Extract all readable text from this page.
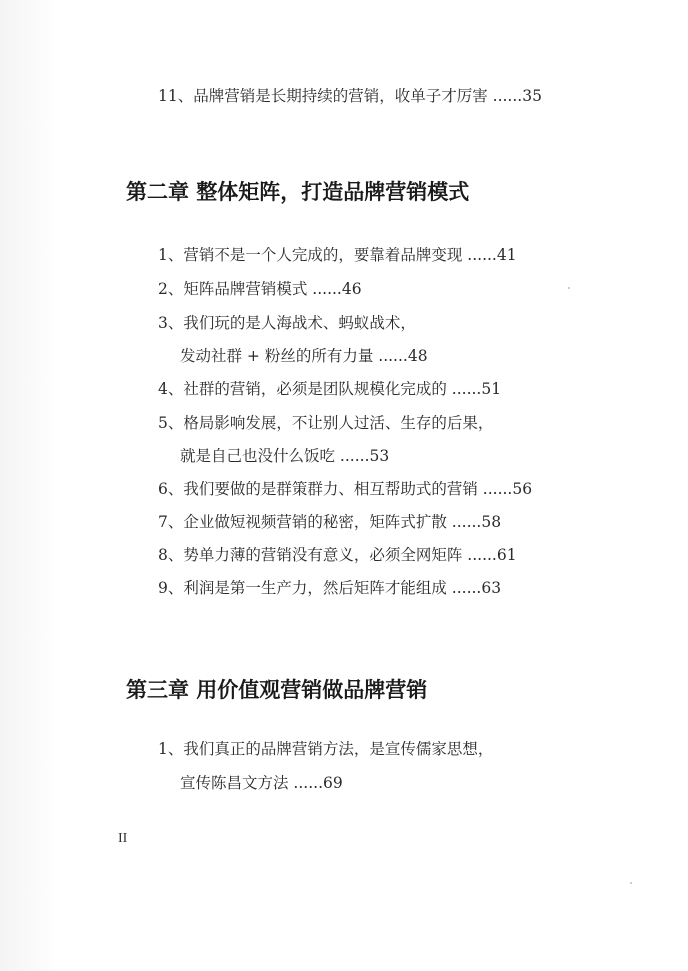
11、品牌营销是长期持续的营销，收单子才厉害 ......35
第二章 整体矩阵，打造品牌营销模式
1、营销不是一个人完成的，要靠着品牌变现 ......41
2、矩阵品牌营销模式 ......46
3、我们玩的是人海战术、蚂蚁战术，
发动社群 + 粉丝的所有力量 ......48
4、社群的营销，必须是团队规模化完成的 ......51
5、格局影响发展，不让别人过活、生存的后果，
就是自己也没什么饭吃 ......53
6、我们要做的是群策群力、相互帮助式的营销 ......56
7、企业做短视频营销的秘密，矩阵式扩散 ......58
8、势单力薄的营销没有意义，必须全网矩阵 ......61
9、利润是第一生产力，然后矩阵才能组成 ......63
第三章 用价值观营销做品牌营销
1、我们真正的品牌营销方法，是宣传儒家思想，
宣传陈昌文方法 ......69
II
